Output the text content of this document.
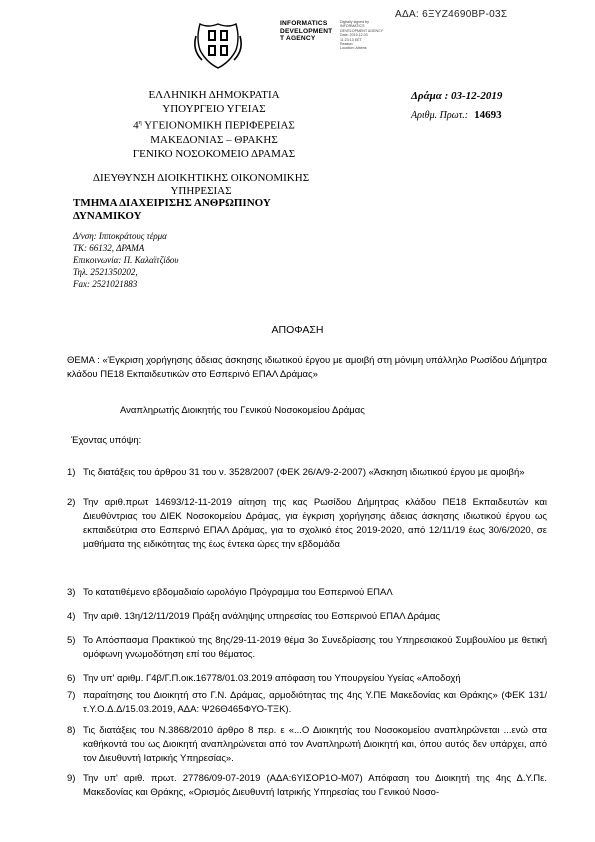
ΑΔΑ: 6ΞΥΖ4690ΒΡ-03Σ
INFORMATICS
DEVELOPMENT
T AGENCY
Digitally signed by
INFORMATICS
DEVELOPMENT AGENCY
Date: 2019.12.03
11:23:13 EET
Reason:
Location: Athens
ΕΛΛΗΝΙΚΗ ΔΗΜΟΚΡΑΤΙΑ
ΥΠΟΥΡΓΕΙΟ ΥΓΕΙΑΣ
$4^\eta$ ΥΓΕΙΟΝΟΜΙΚΗ ΠΕΡΙΦΕΡΕΙΑΣ
ΜΑΚΕΔΟΝΙΑΣ – ΘΡΑΚΗΣ
ΓΕΝΙΚΟ ΝΟΣΟΚΟΜΕΙΟ ΔΡΑΜΑΣ
Δράμα : 03-12-2019
Αριθμ. Πρωτ.: 14693
ΔΙΕΥΘΥΝΣΗ ΔΙΟΙΚΗΤΙΚΗΣ ΟΙΚΟΝΟΜΙΚΗΣ
ΥΠΗΡΕΣΙΑΣ
ΤΜΗΜΑ ΔΙΑΧΕΙΡΙΣΗΣ ΑΝΘΡΩΠΙΝΟΥ
ΔΥΝΑΜΙΚΟΥ
Δ/νση: Ιπποκράτους τέρμα
ΤΚ: 66132, ΔΡΑΜΑ
Επικοινωνία: Π. Καλαϊτζίδου
Τηλ. 2521350202,
Fax: 2521021883
ΑΠΟΦΑΣΗ
ΘΕΜΑ : «Έγκριση χορήγησης άδειας άσκησης ιδιωτικού έργου με αμοιβή στη μόνιμη υπάλληλο Ρωσίδου Δήμητρα κλάδου ΠΕ18 Εκπαιδευτικών στο Εσπερινό ΕΠΑΛ Δράμας»
Αναπληρωτής Διοικητής του Γενικού Νοσοκομείου Δράμας
Έχοντας υπόψη:
1) Τις διατάξεις του άρθρου 31 του ν. 3528/2007 (ΦΕΚ 26/Α/9-2-2007) «Άσκηση ιδιωτικού έργου με αμοιβή»
2) Την αριθ.πρωτ 14693/12-11-2019 αίτηση της κας Ρωσίδου Δήμητρας κλάδου ΠΕ18 Εκπαιδευτών και Διευθύντριας του ΔΙΕΚ Νοσοκομείου Δράμας, για έγκριση χορήγησης άδειας άσκησης ιδιωτικού έργου ως εκπαιδεύτρια στο Εσπερινό ΕΠΑΛ Δράμας, για το σχολικό έτος 2019-2020, από 12/11/19 έως 30/6/2020, σε μαθήματα της ειδικότητας της έως έντεκα ώρες την εβδομάδα
3) Το κατατιθέμενο εβδομαδιαίο ωρολόγιο Πρόγραμμα του Εσπερινού ΕΠΑΛ
4) Την αριθ. 13η/12/11/2019 Πράξη ανάληψης υπηρεσίας του Εσπερινού ΕΠΑΛ Δράμας
5) Το Απόσπασμα Πρακτικού της 8ης/29-11-2019 θέμα 3ο Συνεδρίασης του Υπηρεσιακού Συμβουλίου με θετική ομόφωνη γνωμοδότηση επί του θέματος.
6) Την υπ' αριθμ. Γ4β/Γ.Π.οικ.16778/01.03.2019 απόφαση του Υπουργείου Υγείας «Αποδοχή
7) παραίτησης του Διοικητή στο Γ.Ν. Δράμας, αρμοδιότητας της 4ης Υ.ΠΕ Μακεδονίας και Θράκης» (ΦΕΚ 131/τ.Υ.Ο.Δ.Δ/15.03.2019, ΑΔΑ: Ψ26Θ465ΦΥΟ-ΤΞΚ).
8) Τις διατάξεις του Ν.3868/2010 άρθρο 8 περ. ε «...Ο Διοικητής του Νοσοκομείου αναπληρώνεται ...ενώ στα καθήκοντά του ως Διοικητή αναπληρώνεται από τον Αναπληρωτή Διοικητή και, όπου αυτός δεν υπάρχει, από τον Διευθυντή Ιατρικής Υπηρεσίας».
9) Την υπ' αριθ. πρωτ. 27786/09-07-2019 (ΑΔΑ:6ΥΙΣΟΡ1Ο-Μ07) Απόφαση του Διοικητή της 4ης Δ.Υ.Πε. Μακεδονίας και Θράκης, «Ορισμός Διευθυντή Ιατρικής Υπηρεσίας του Γενικού Νοσο-
